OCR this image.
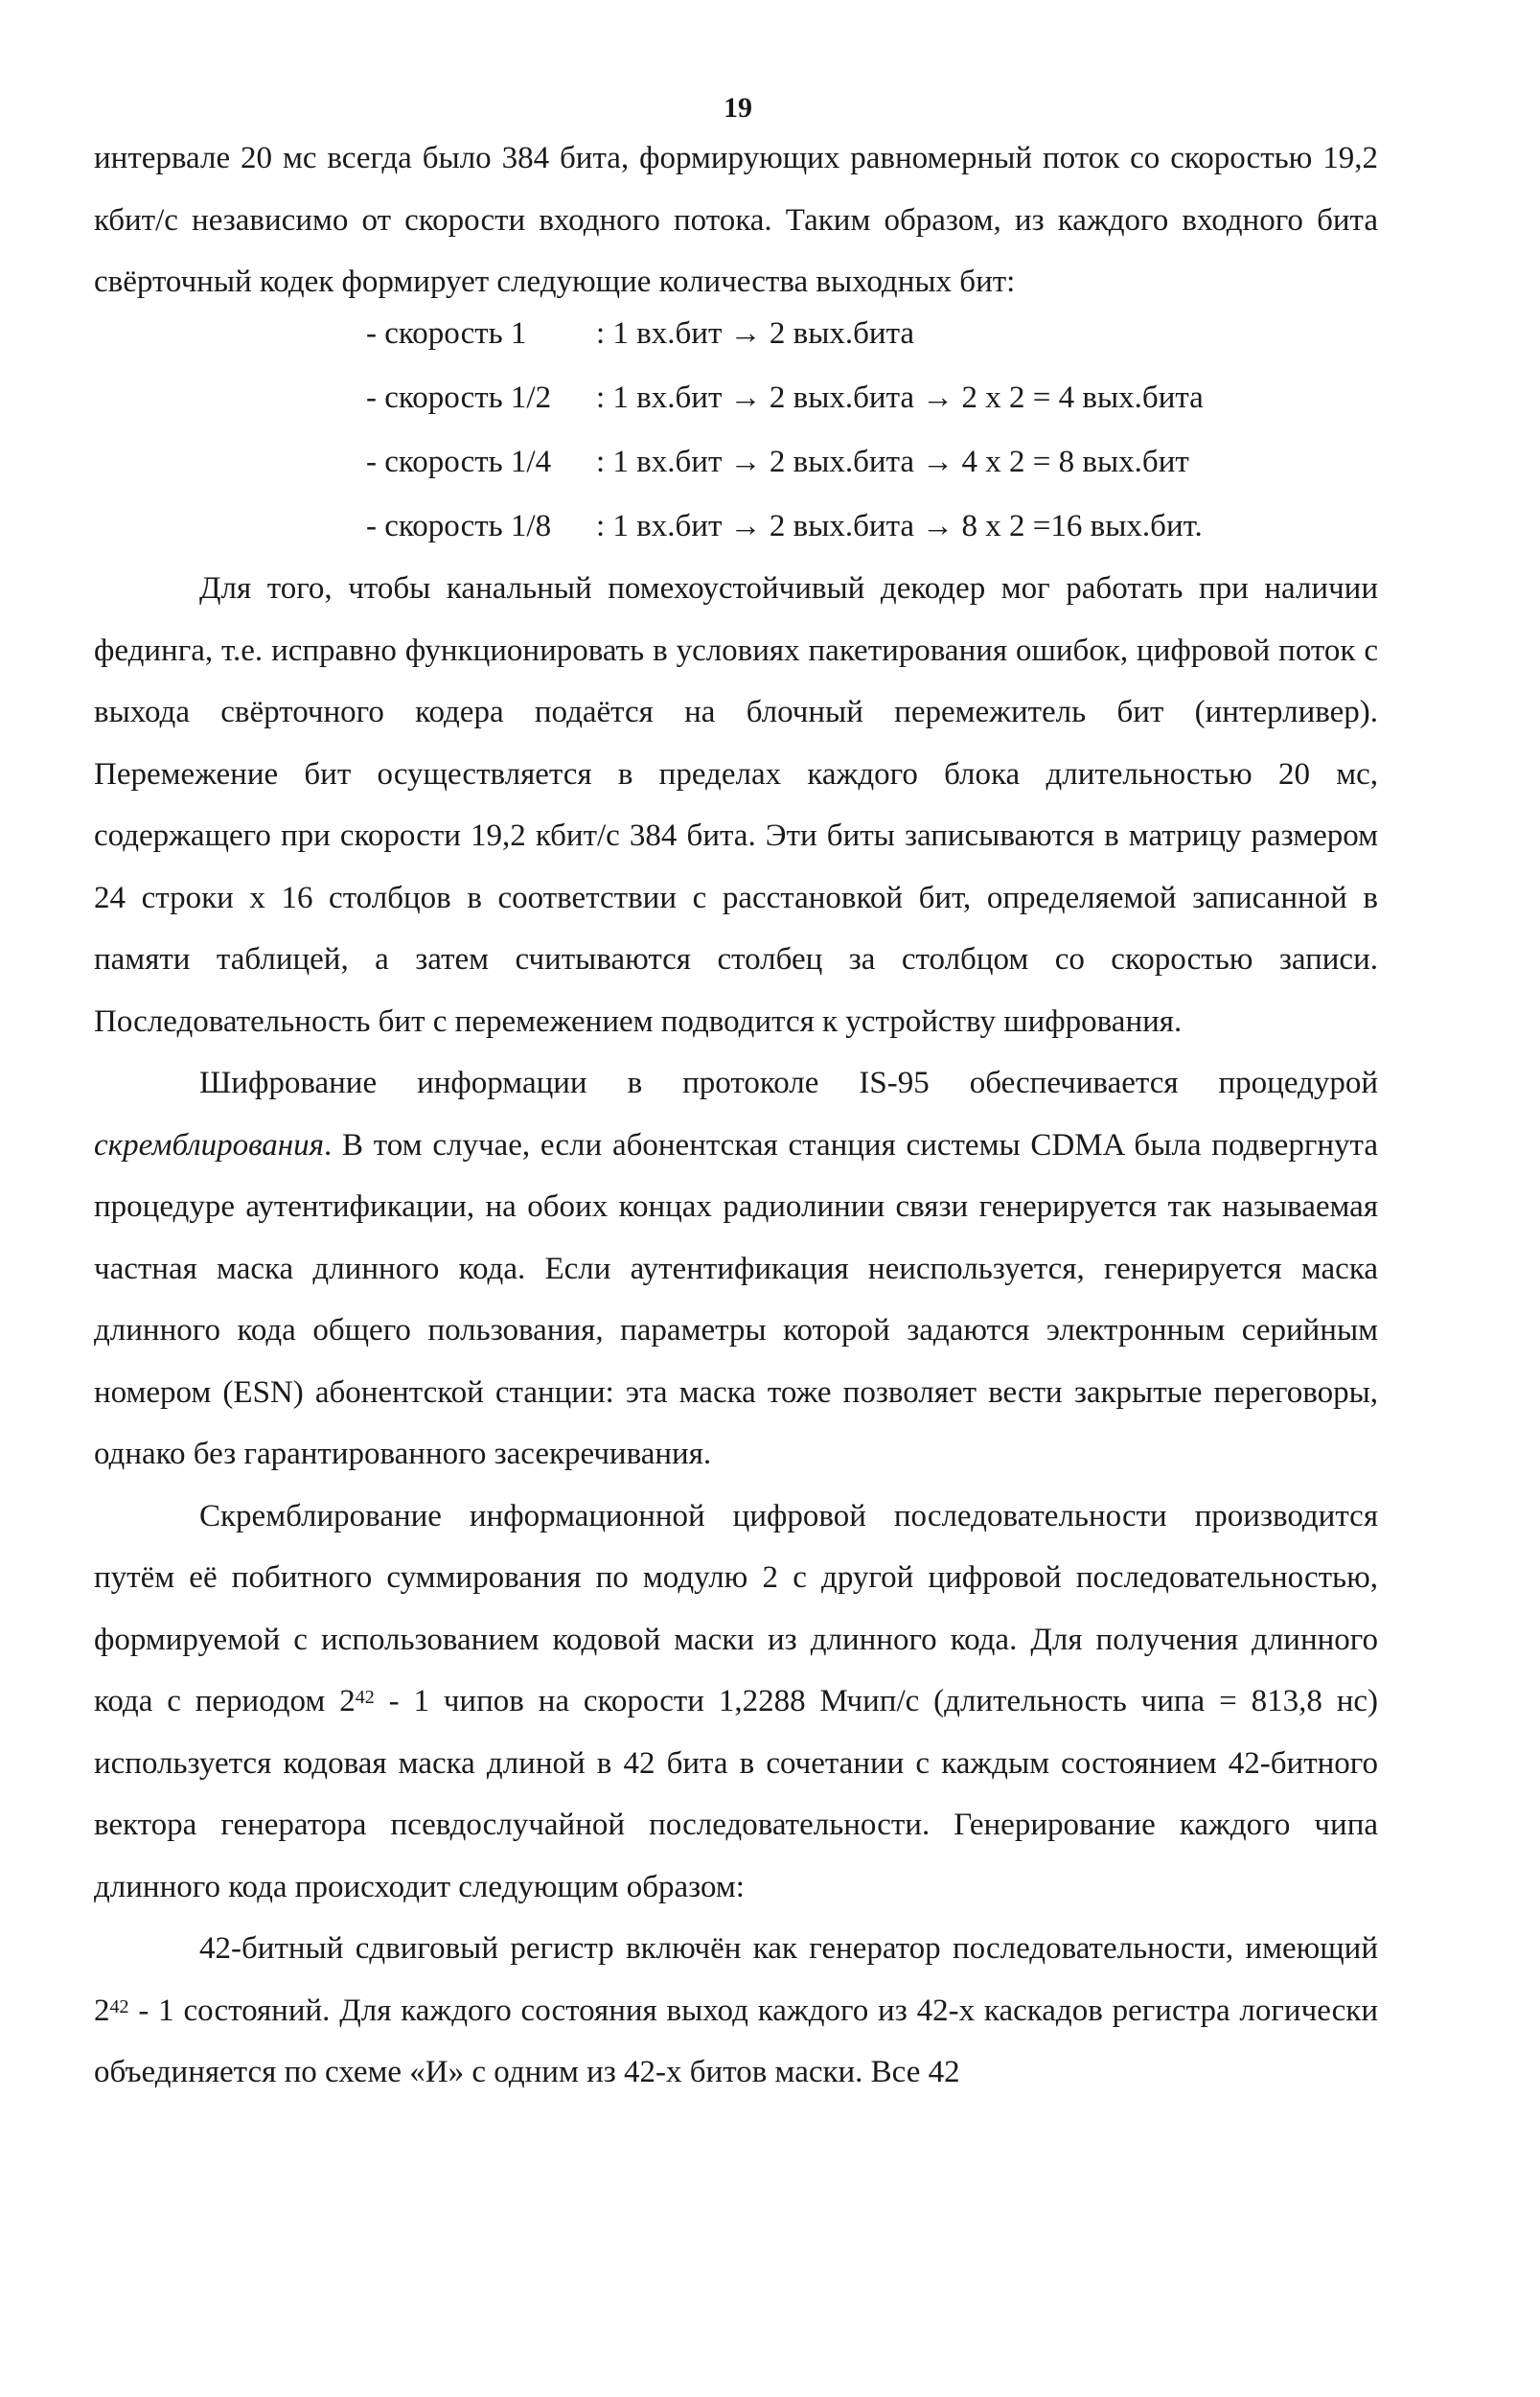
19

интервале 20 мс всегда было 384 бита, формирующих равномерный поток со скоростью 19,2 кбит/с независимо от скорости входного потока. Таким образом, из каждого входного бита свёрточный кодек формирует следующие количества выходных бит:

- скорость 1	: 1 вх.бит → 2 вых.бита
- скорость 1/2	: 1 вх.бит → 2 вых.бита → 2 х 2 = 4 вых.бита
- скорость 1/4	: 1 вх.бит → 2 вых.бита → 4 х 2 = 8 вых.бит
- скорость 1/8	: 1 вх.бит → 2 вых.бита → 8 х 2 =16 вых.бит.

Для того, чтобы канальный помехоустойчивый декодер мог работать при наличии фединга, т.е. исправно функционировать в условиях пакетирования ошибок, цифровой поток с выхода свёрточного кодера подаётся на блочный перемежитель бит (интерливер). Перемежение бит осуществляется в пределах каждого блока длительностью 20 мс, содержащего при скорости 19,2 кбит/с 384 бита. Эти биты записываются в матрицу размером 24 строки х 16 столбцов в соответствии с расстановкой бит, определяемой записанной в памяти таблицей, а затем считываются столбец за столбцом со скоростью записи. Последовательность бит с перемежением подводится к устройству шифрования.

Шифрование информации в протоколе IS-95 обеспечивается процедурой скремблирования. В том случае, если абонентская станция системы CDMA была подвергнута процедуре аутентификации, на обоих концах радиолинии связи генерируется так называемая частная маска длинного кода. Если аутентификация неиспользуется, генерируется маска длинного кода общего пользования, параметры которой задаются электронным серийным номером (ESN) абонентской станции: эта маска тоже позволяет вести закрытые переговоры, однако без гарантированного засекречивания.

Скремблирование информационной цифровой последовательности производится путём её побитного суммирования по модулю 2 с другой цифровой последовательностью, формируемой с использованием кодовой маски из длинного кода. Для получения длинного кода с периодом $2^{42} - 1$ чипов на скорости 1,2288 Мчип/с (длительность чипа = 813,8 нс) используется кодовая маска длиной в 42 бита в сочетании с каждым состоянием 42-битного вектора генератора псевдослучайной последовательности. Генерирование каждого чипа длинного кода происходит следующим образом:

42-битный сдвиговый регистр включён как генератор последовательности, имеющий $2^{42} - 1$ состояний. Для каждого состояния выход каждого из 42-х каскадов регистра логически объединяется по схеме «И» с одним из 42-х битов маски. Все 42
